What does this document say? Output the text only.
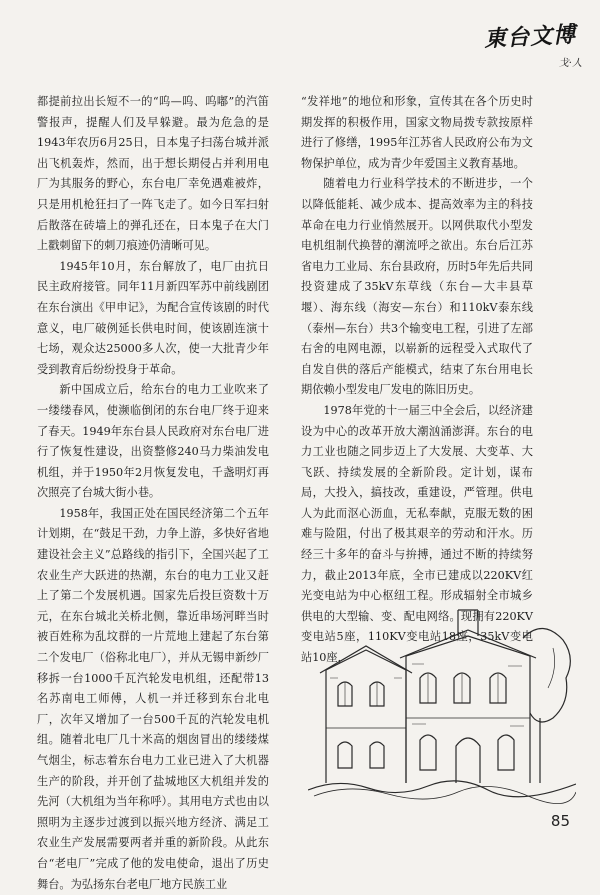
東台文博
戈·人

都提前拉出长短不一的“呜—呜、呜嘟”的汽笛警报声，提醒人们及早躲避。最为危急的是1943年农历6月25日，日本鬼子扫荡台城并派出飞机轰炸，然而，出于想长期侵占并利用电厂为其服务的野心，东台电厂幸免遇难被炸，只是用机枪狂扫了一阵飞走了。如今日军扫射后散落在砖墙上的弹孔还在，日本鬼子在大门上戳刺留下的刺刀痕迹仍清晰可见。

1945年10月，东台解放了，电厂由抗日民主政府接管。同年11月新四军苏中前线剧团在东台演出《甲申记》，为配合宣传该剧的时代意义，电厂破例延长供电时间，使该剧连演十七场，观众达25000多人次，使一大批青少年受到教育后纷纷投身于革命。

新中国成立后，给东台的电力工业吹来了一缕缕春风，使濒临倒闭的东台电厂终于迎来了春天。1949年东台县人民政府对东台电厂进行了恢复性建设，出资整修240马力柴油发电机组，并于1950年2月恢复发电，千盏明灯再次照亮了台城大街小巷。

1958年，我国正处在国民经济第二个五年计划期，在“鼓足干劲，力争上游，多快好省地建设社会主义”总路线的指引下，全国兴起了工农业生产大跃进的热潮，东台的电力工业又赶上了第二个发展机遇。国家先后投巨资数十万元，在东台城北关桥北侧，靠近串场河畔当时被百姓称为乱坟群的一片荒地上建起了东台第二个发电厂（俗称北电厂），并从无锡申新纱厂移拆一台1000千瓦汽轮发电机组，还配带13名苏南电工师傅，人机一并迁移到东台北电厂，次年又增加了一台500千瓦的汽轮发电机组。随着北电厂几十米高的烟囱冒出的缕缕煤气烟尘，标志着东台电力工业已进入了大机器生产的阶段，并开创了盐城地区大机组并发的先河（大机组为当年称呼）。其用电方式也由以照明为主逐步过渡到以振兴地方经济、满足工农业生产发展需要两者并重的新阶段。从此东台“老电厂”完成了他的发电使命，退出了历史舞台。为弘扬东台老电厂地方民族工业

“发祥地”的地位和形象，宣传其在各个历史时期发挥的积极作用，国家文物局拨专款按原样进行了修缮，1995年江苏省人民政府公布为文物保护单位，成为青少年爱国主义教育基地。

随着电力行业科学技术的不断进步，一个以降低能耗、减少成本、提高效率为主的科技革命在电力行业悄然展开。以网供取代小型发电机组制代换替的潮流呼之欲出。东台后江苏省电力工业局、东台县政府，历时5年先后共同投资建成了35kV东草线（东台—大丰县草堰）、海东线（海安—东台）和110kV泰东线（泰州—东台）共3个输变电工程，引进了左部右舍的电网电源，以崭新的远程受入式取代了自发自供的落后产能模式，结束了东台用电长期依赖小型发电厂发电的陈旧历史。

1978年党的十一届三中全会后，以经济建设为中心的改革开放大潮汹涌澎湃。东台的电力工业也随之同步迈上了大发展、大变革、大飞跃、持续发展的全新阶段。定计划，谋布局，大投入，搞技改，重建设，严管理。供电人为此而沤心沥血，无私奉献，克服无数的困难与险阻，付出了极其艰辛的劳动和汗水。历经三十多年的奋斗与拚搏，通过不断的持续努力，截止2013年底，全市已建成以220KV红光变电站为中心枢纽工程。形成辐射全市城乡供电的大型输、变、配电网络。现拥有220KV变电站5座，110KV变电站18座，35kV变电站10座，

85
